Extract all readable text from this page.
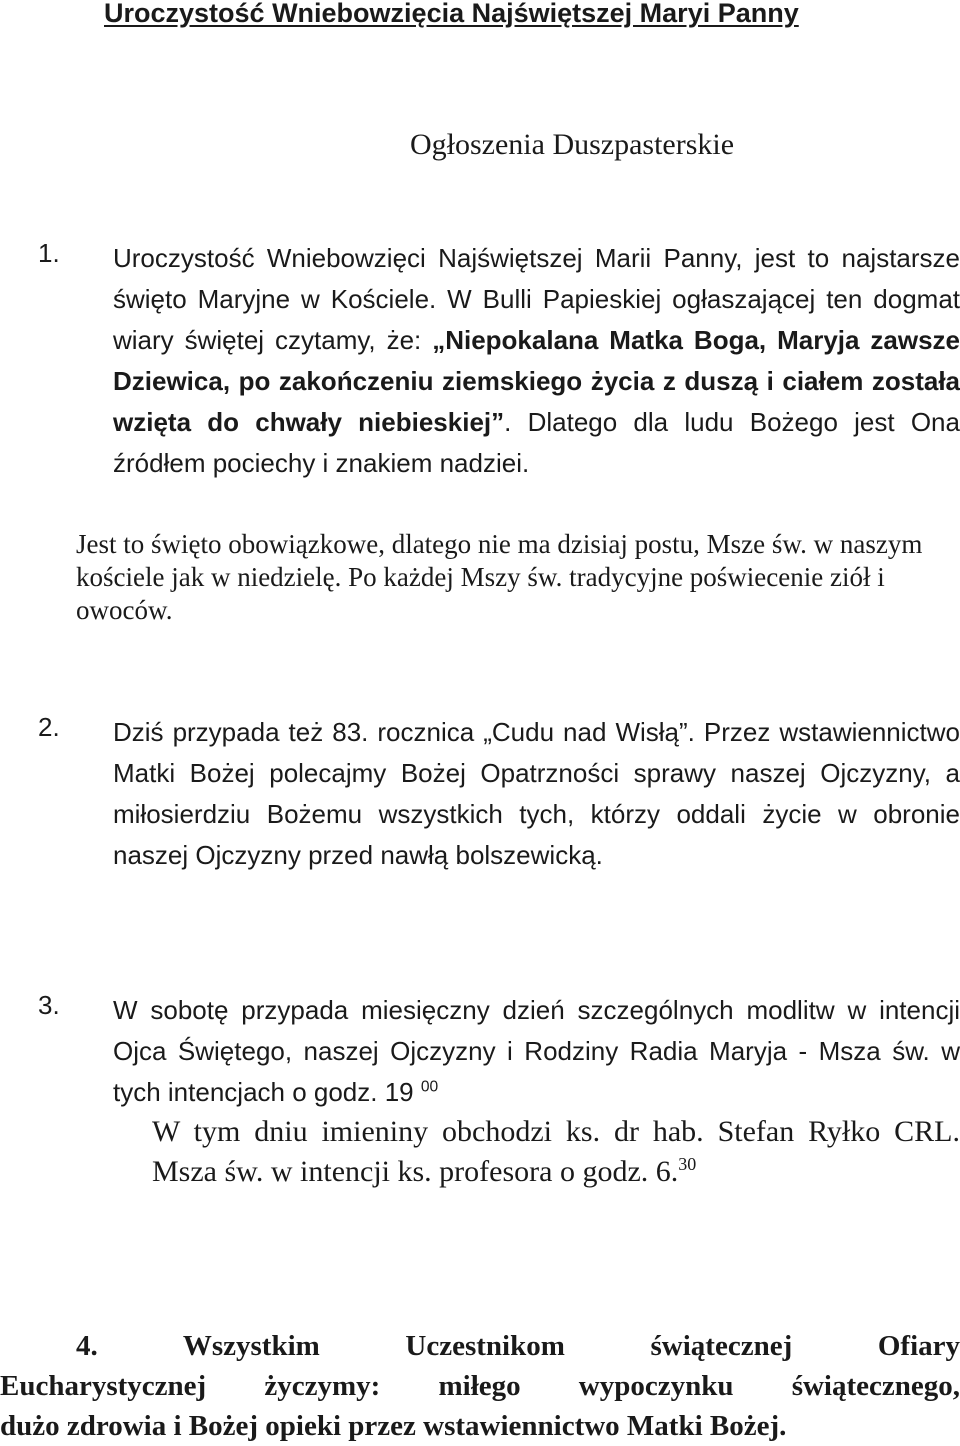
Uroczystość Wniebowzięcia Najświętszej Maryi Panny
Ogłoszenia Duszpasterskie
1. Uroczystość Wniebowzięci Najświętszej Marii Panny, jest to najstarsze święto Maryjne w Kościele. W Bulli Papieskiej ogłaszającej ten dogmat wiary świętej czytamy, że: „Niepokalana Matka Boga, Maryja zawsze Dziewica, po zakończeniu ziemskiego życia z duszą i ciałem została wzięta do chwały niebieskiej”. Dlatego dla ludu Bożego jest Ona źródłem pociechy i znakiem nadziei.

Jest to święto obowiązkowe, dlatego nie ma dzisiaj postu, Msze św. w naszym kościele jak w niedzielę. Po każdej Mszy św. tradycyjne poświecenie ziół i owoców.

2. Dziś przypada też 83. rocznica „Cudu nad Wisłą”. Przez wstawiennictwo Matki Bożej polecajmy Bożej Opatrzności sprawy naszej Ojczyzny, a miłosierdziu Bożemu wszystkich tych, którzy oddali życie w obronie naszej Ojczyzny przed nawłą bolszewicką.

3. W sobotę przypada miesięczny dzień szczególnych modlitw w intencji Ojca Świętego, naszej Ojczyzny i Rodziny Radia Maryja - Msza św. w tych intencjach o godz. 19 $^{00}$

W tym dniu imieniny obchodzi ks. dr hab. Stefan Ryłko CRL. Msza św. w intencji ks. profesora o godz. 6.30

4.	Wszystkim Uczestnikom świątecznej Ofiary
Eucharystycznej życzymy: miłego wypoczynku świątecznego,
dużo zdrowia i Bożej opieki przez wstawiennictwo Matki Bożej.
